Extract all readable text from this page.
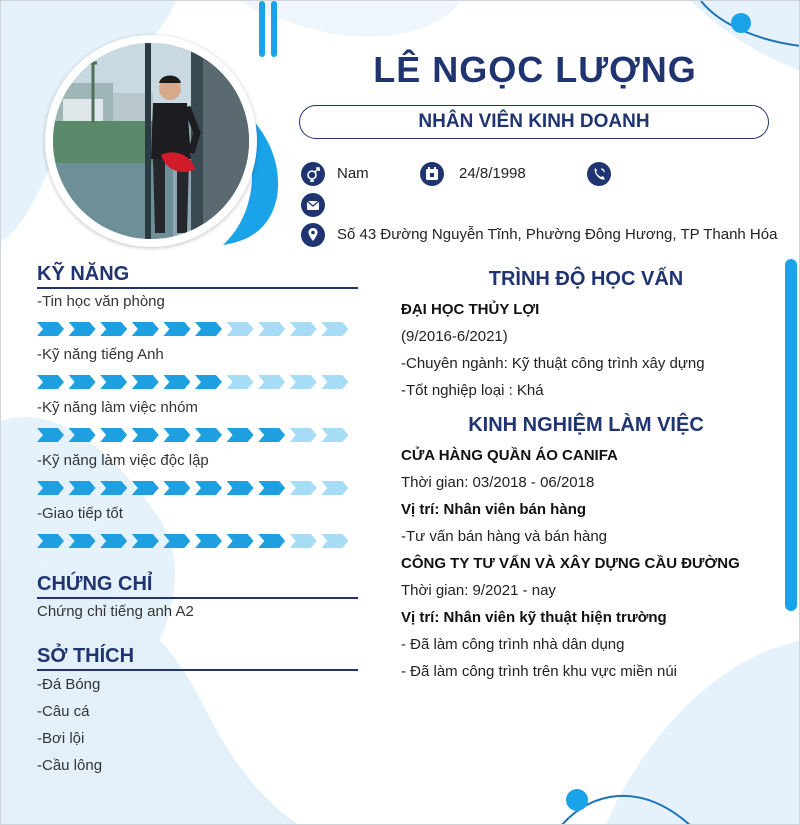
LÊ NGỌC LƯỢNG
NHÂN VIÊN KINH DOANH
Nam	24/8/1998
Số 43 Đường Nguyễn Tĩnh, Phường Đông Hương, TP Thanh Hóa
KỸ NĂNG
-Tin học văn phòng
-Kỹ năng tiếng Anh
-Kỹ năng làm việc nhóm
-Kỹ năng làm việc độc lập
-Giao tiếp tốt
CHỨNG CHỈ
Chứng chỉ tiếng anh A2
SỞ THÍCH
-Đá Bóng
-Câu cá
-Bơi lội
-Cầu lông
TRÌNH ĐỘ HỌC VẤN
ĐẠI HỌC THỦY LỢI
(9/2016-6/2021)
-Chuyên ngành: Kỹ thuật công trình xây dựng
-Tốt nghiệp loại : Khá
KINH NGHIỆM LÀM VIỆC
CỬA HÀNG QUẦN ÁO CANIFA
Thời gian: 03/2018 - 06/2018
Vị trí: Nhân viên bán hàng
-Tư vấn bán hàng và bán hàng
CÔNG TY TƯ VẤN VÀ XÂY DỰNG CẦU ĐƯỜNG
Thời gian: 9/2021 - nay
Vị trí: Nhân viên kỹ thuật hiện trường
- Đã làm công trình nhà dân dụng
- Đã làm công trình trên khu vực miền núi
